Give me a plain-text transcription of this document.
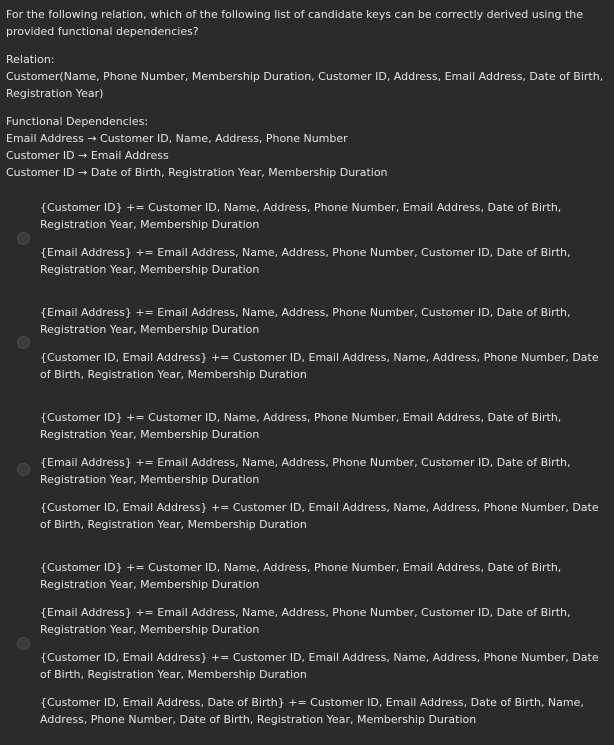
For the following relation, which of the following list of candidate keys can be correctly derived using the provided functional dependencies?

Relation:

Customer(Name, Phone Number, Membership Duration, Customer ID, Address, Email Address, Date of Birth, Registration Year)

Functional Dependencies:
Email Address → Customer ID, Name, Address, Phone Number
Customer ID → Email Address
Customer ID → Date of Birth, Registration Year, Membership Duration

{Customer ID} += Customer ID, Name, Address, Phone Number, Email Address, Date of Birth, Registration Year, Membership Duration

{Email Address} += Email Address, Name, Address, Phone Number, Customer ID, Date of Birth, Registration Year, Membership Duration

{Email Address} += Email Address, Name, Address, Phone Number, Customer ID, Date of Birth, Registration Year, Membership Duration

{Customer ID, Email Address} += Customer ID, Email Address, Name, Address, Phone Number, Date of Birth, Registration Year, Membership Duration

{Customer ID} += Customer ID, Name, Address, Phone Number, Email Address, Date of Birth, Registration Year, Membership Duration

{Email Address} += Email Address, Name, Address, Phone Number, Customer ID, Date of Birth, Registration Year, Membership Duration

{Customer ID, Email Address} += Customer ID, Email Address, Name, Address, Phone Number, Date of Birth, Registration Year, Membership Duration

{Customer ID} += Customer ID, Name, Address, Phone Number, Email Address, Date of Birth, Registration Year, Membership Duration

{Email Address} += Email Address, Name, Address, Phone Number, Customer ID, Date of Birth, Registration Year, Membership Duration

{Customer ID, Email Address} += Customer ID, Email Address, Name, Address, Phone Number, Date of Birth, Registration Year, Membership Duration

{Customer ID, Email Address, Date of Birth} += Customer ID, Email Address, Date of Birth, Name, Address, Phone Number, Date of Birth, Registration Year, Membership Duration
